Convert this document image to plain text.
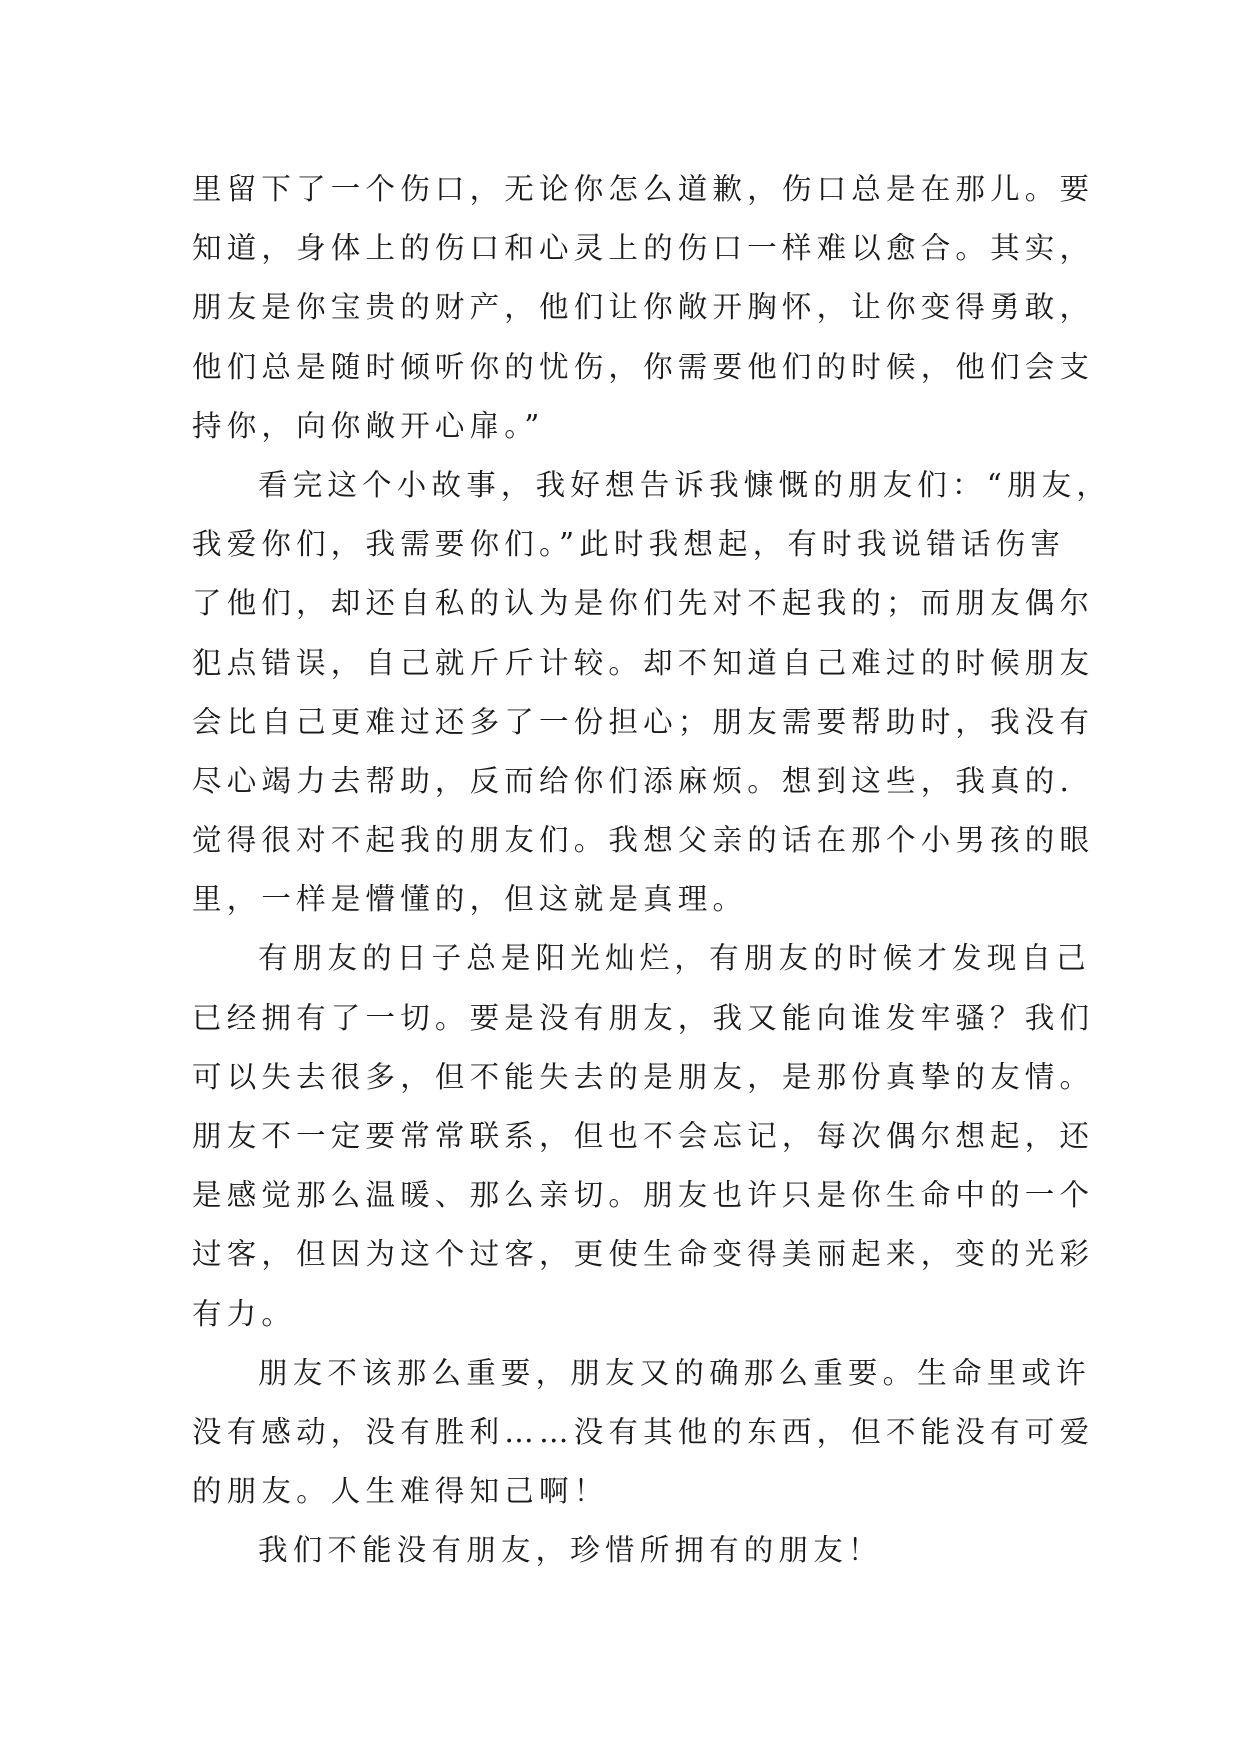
里留下了一个伤口，无论你怎么道歉，伤口总是在那儿。要
知道，身体上的伤口和心灵上的伤口一样难以愈合。其实，
朋友是你宝贵的财产，他们让你敞开胸怀，让你变得勇敢，
他们总是随时倾听你的忧伤，你需要他们的时候，他们会支
持你，向你敞开心扉。”
看完这个小故事，我好想告诉我慷慨的朋友们：“朋友，
我爱你们，我需要你们。”此时我想起，有时我说错话伤害
了他们，却还自私的认为是你们先对不起我的；而朋友偶尔
犯点错误，自己就斤斤计较。却不知道自己难过的时候朋友
会比自己更难过还多了一份担心；朋友需要帮助时，我没有
尽心竭力去帮助，反而给你们添麻烦。想到这些，我真的.
觉得很对不起我的朋友们。我想父亲的话在那个小男孩的眼
里，一样是懵懂的，但这就是真理。
有朋友的日子总是阳光灿烂，有朋友的时候才发现自己
已经拥有了一切。要是没有朋友，我又能向谁发牢骚？我们
可以失去很多，但不能失去的是朋友，是那份真挚的友情。
朋友不一定要常常联系，但也不会忘记，每次偶尔想起，还
是感觉那么温暖、那么亲切。朋友也许只是你生命中的一个
过客，但因为这个过客，更使生命变得美丽起来，变的光彩
有力。
朋友不该那么重要，朋友又的确那么重要。生命里或许
没有感动，没有胜利……没有其他的东西，但不能没有可爱
的朋友。人生难得知己啊！
我们不能没有朋友，珍惜所拥有的朋友！
